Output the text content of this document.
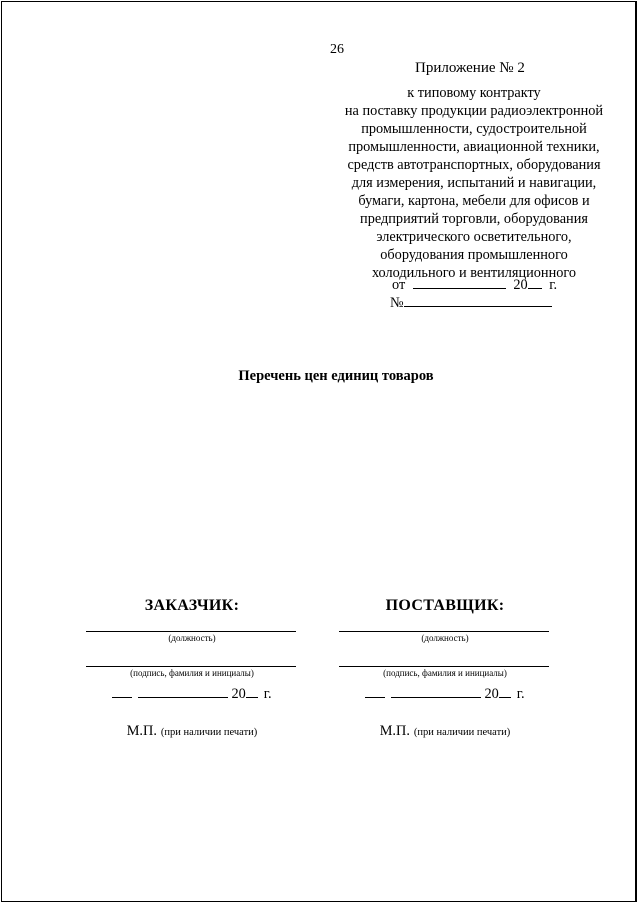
26
Приложение № 2
к типовому контракту
на поставку продукции радиоэлектронной
промышленности, судостроительной
промышленности, авиационной техники,
средств автотранспортных, оборудования
для измерения, испытаний и навигации,
бумаги, картона, мебели для офисов и
предприятий торговли, оборудования
электрического осветительного,
оборудования промышленного
холодильного и вентиляционного
от	20 г.
№
Перечень цен единиц товаров
ЗАКАЗЧИК:
(должность)
(подпись, фамилия и инициалы)
20 г.
М.П. (при наличии печати)
ПОСТАВЩИК:
(должность)
(подпись, фамилия и инициалы)
20 г.
М.П. (при наличии печати)
